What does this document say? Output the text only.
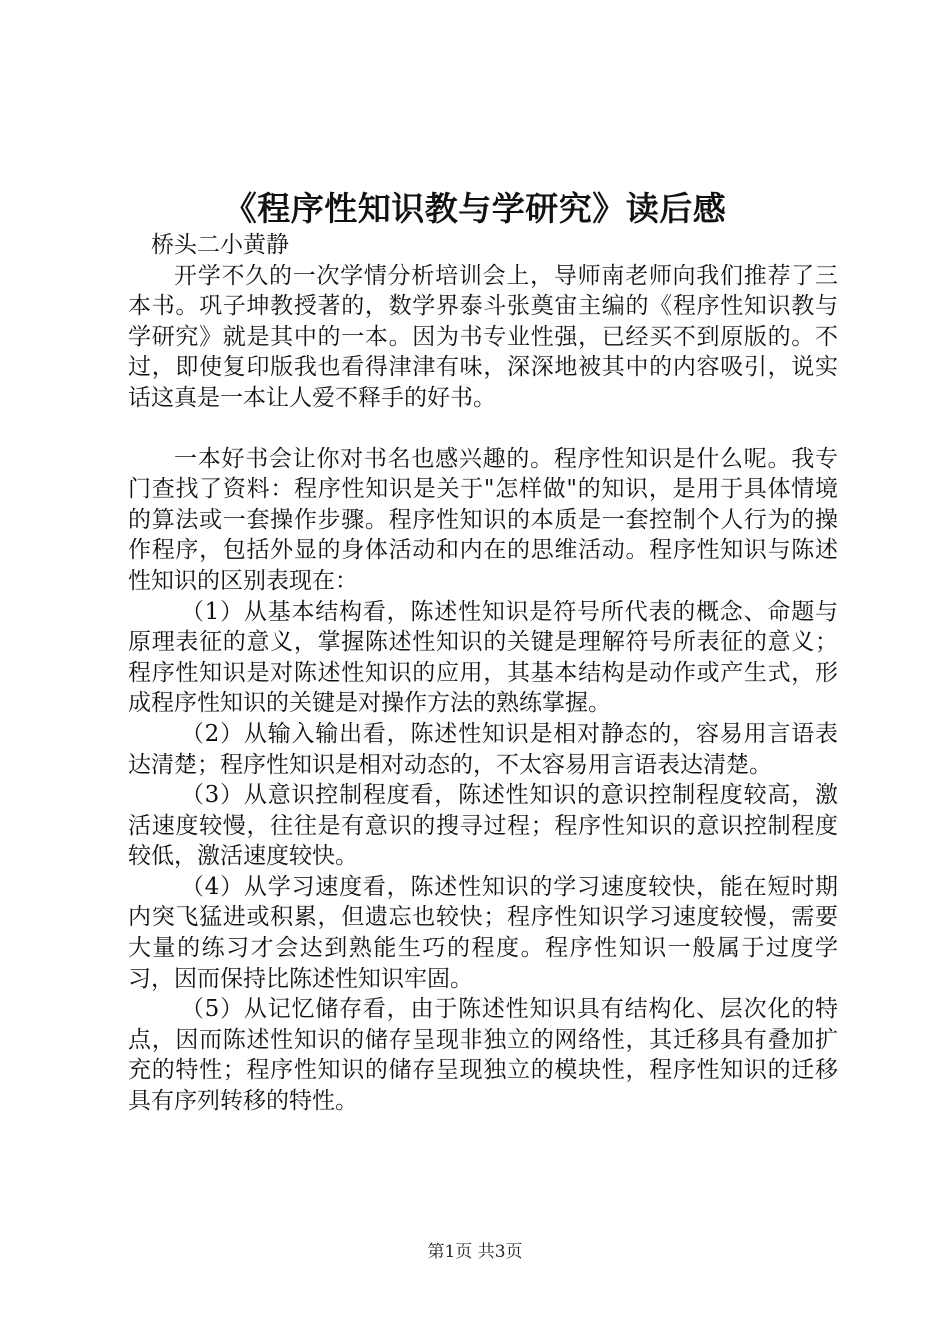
《程序性知识教与学研究》读后感

桥头二小黄静

开学不久的一次学情分析培训会上，导师南老师向我们推荐了三本书。巩子坤教授著的，数学界泰斗张奠宙主编的《程序性知识教与学研究》就是其中的一本。因为书专业性强，已经买不到原版的。不过，即使复印版我也看得津津有味，深深地被其中的内容吸引，说实话这真是一本让人爱不释手的好书。

一本好书会让你对书名也感兴趣的。程序性知识是什么呢。我专门查找了资料：程序性知识是关于"怎样做"的知识，是用于具体情境的算法或一套操作步骤。程序性知识的本质是一套控制个人行为的操作程序，包括外显的身体活动和内在的思维活动。程序性知识与陈述性知识的区别表现在：

（1）从基本结构看，陈述性知识是符号所代表的概念、命题与原理表征的意义，掌握陈述性知识的关键是理解符号所表征的意义；程序性知识是对陈述性知识的应用，其基本结构是动作或产生式，形成程序性知识的关键是对操作方法的熟练掌握。

（2）从输入输出看，陈述性知识是相对静态的，容易用言语表达清楚；程序性知识是相对动态的，不太容易用言语表达清楚。

（3）从意识控制程度看，陈述性知识的意识控制程度较高，激活速度较慢，往往是有意识的搜寻过程；程序性知识的意识控制程度较低，激活速度较快。

（4）从学习速度看，陈述性知识的学习速度较快，能在短时期内突飞猛进或积累，但遗忘也较快；程序性知识学习速度较慢，需要大量的练习才会达到熟能生巧的程度。程序性知识一般属于过度学习，因而保持比陈述性知识牢固。

（5）从记忆储存看，由于陈述性知识具有结构化、层次化的特点，因而陈述性知识的储存呈现非独立的网络性，其迁移具有叠加扩充的特性；程序性知识的储存呈现独立的模块性，程序性知识的迁移具有序列转移的特性。

第1页 共3页
